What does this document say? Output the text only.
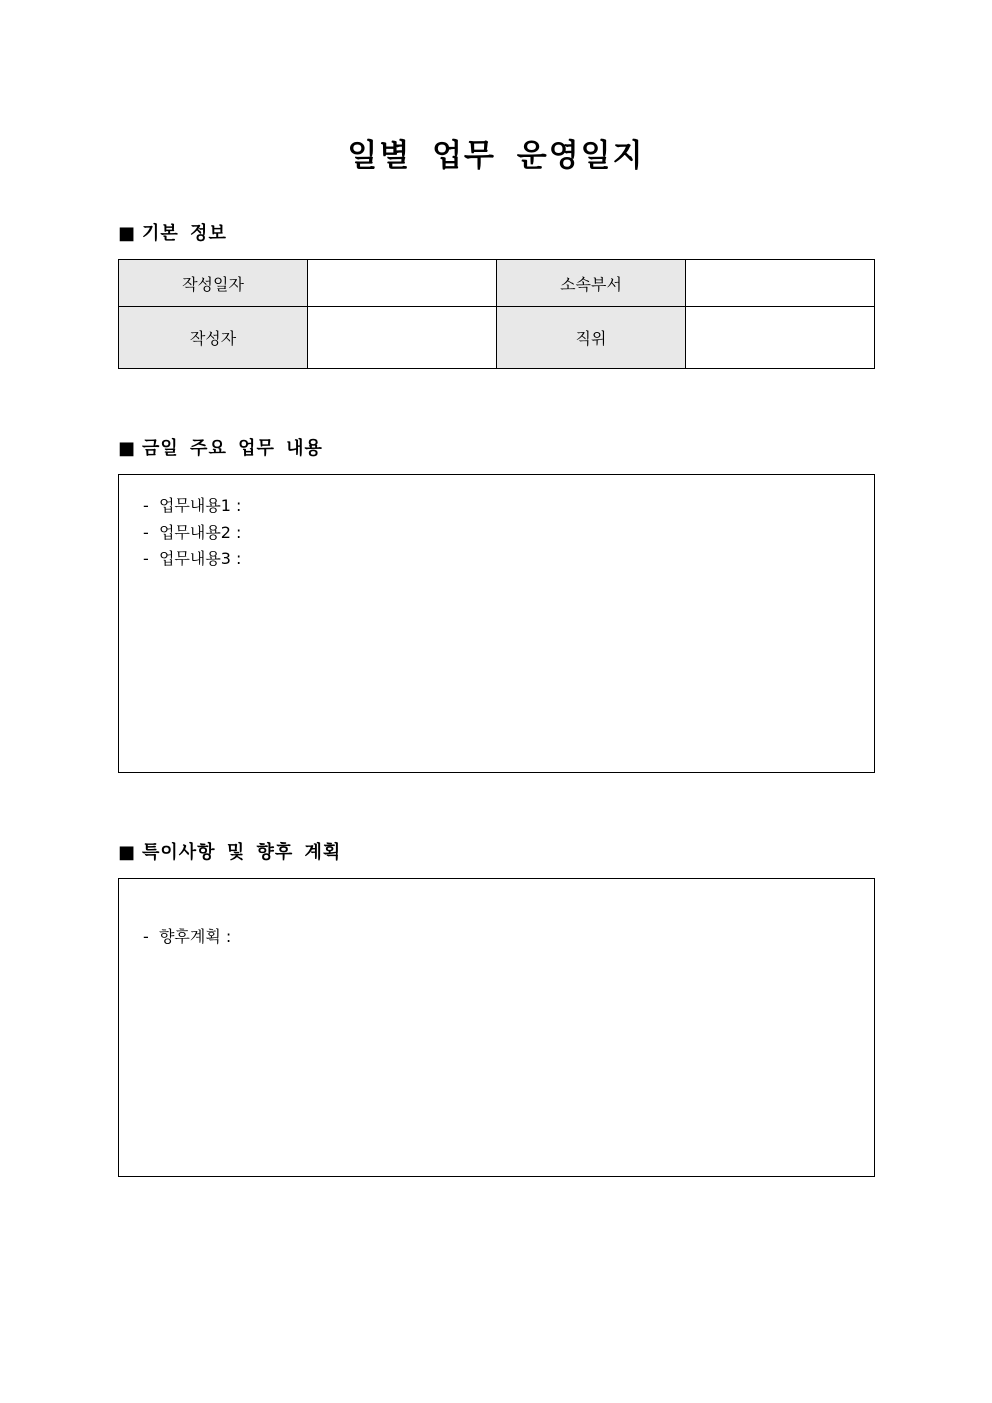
일별 업무 운영일지
■ 기본 정보
작성일자		소속부서	
작성자		직위	
■ 금일 주요 업무 내용
-  업무내용1 :
-  업무내용2 :
-  업무내용3 :
■ 특이사항 및 향후 계획
-  향후계획 :
